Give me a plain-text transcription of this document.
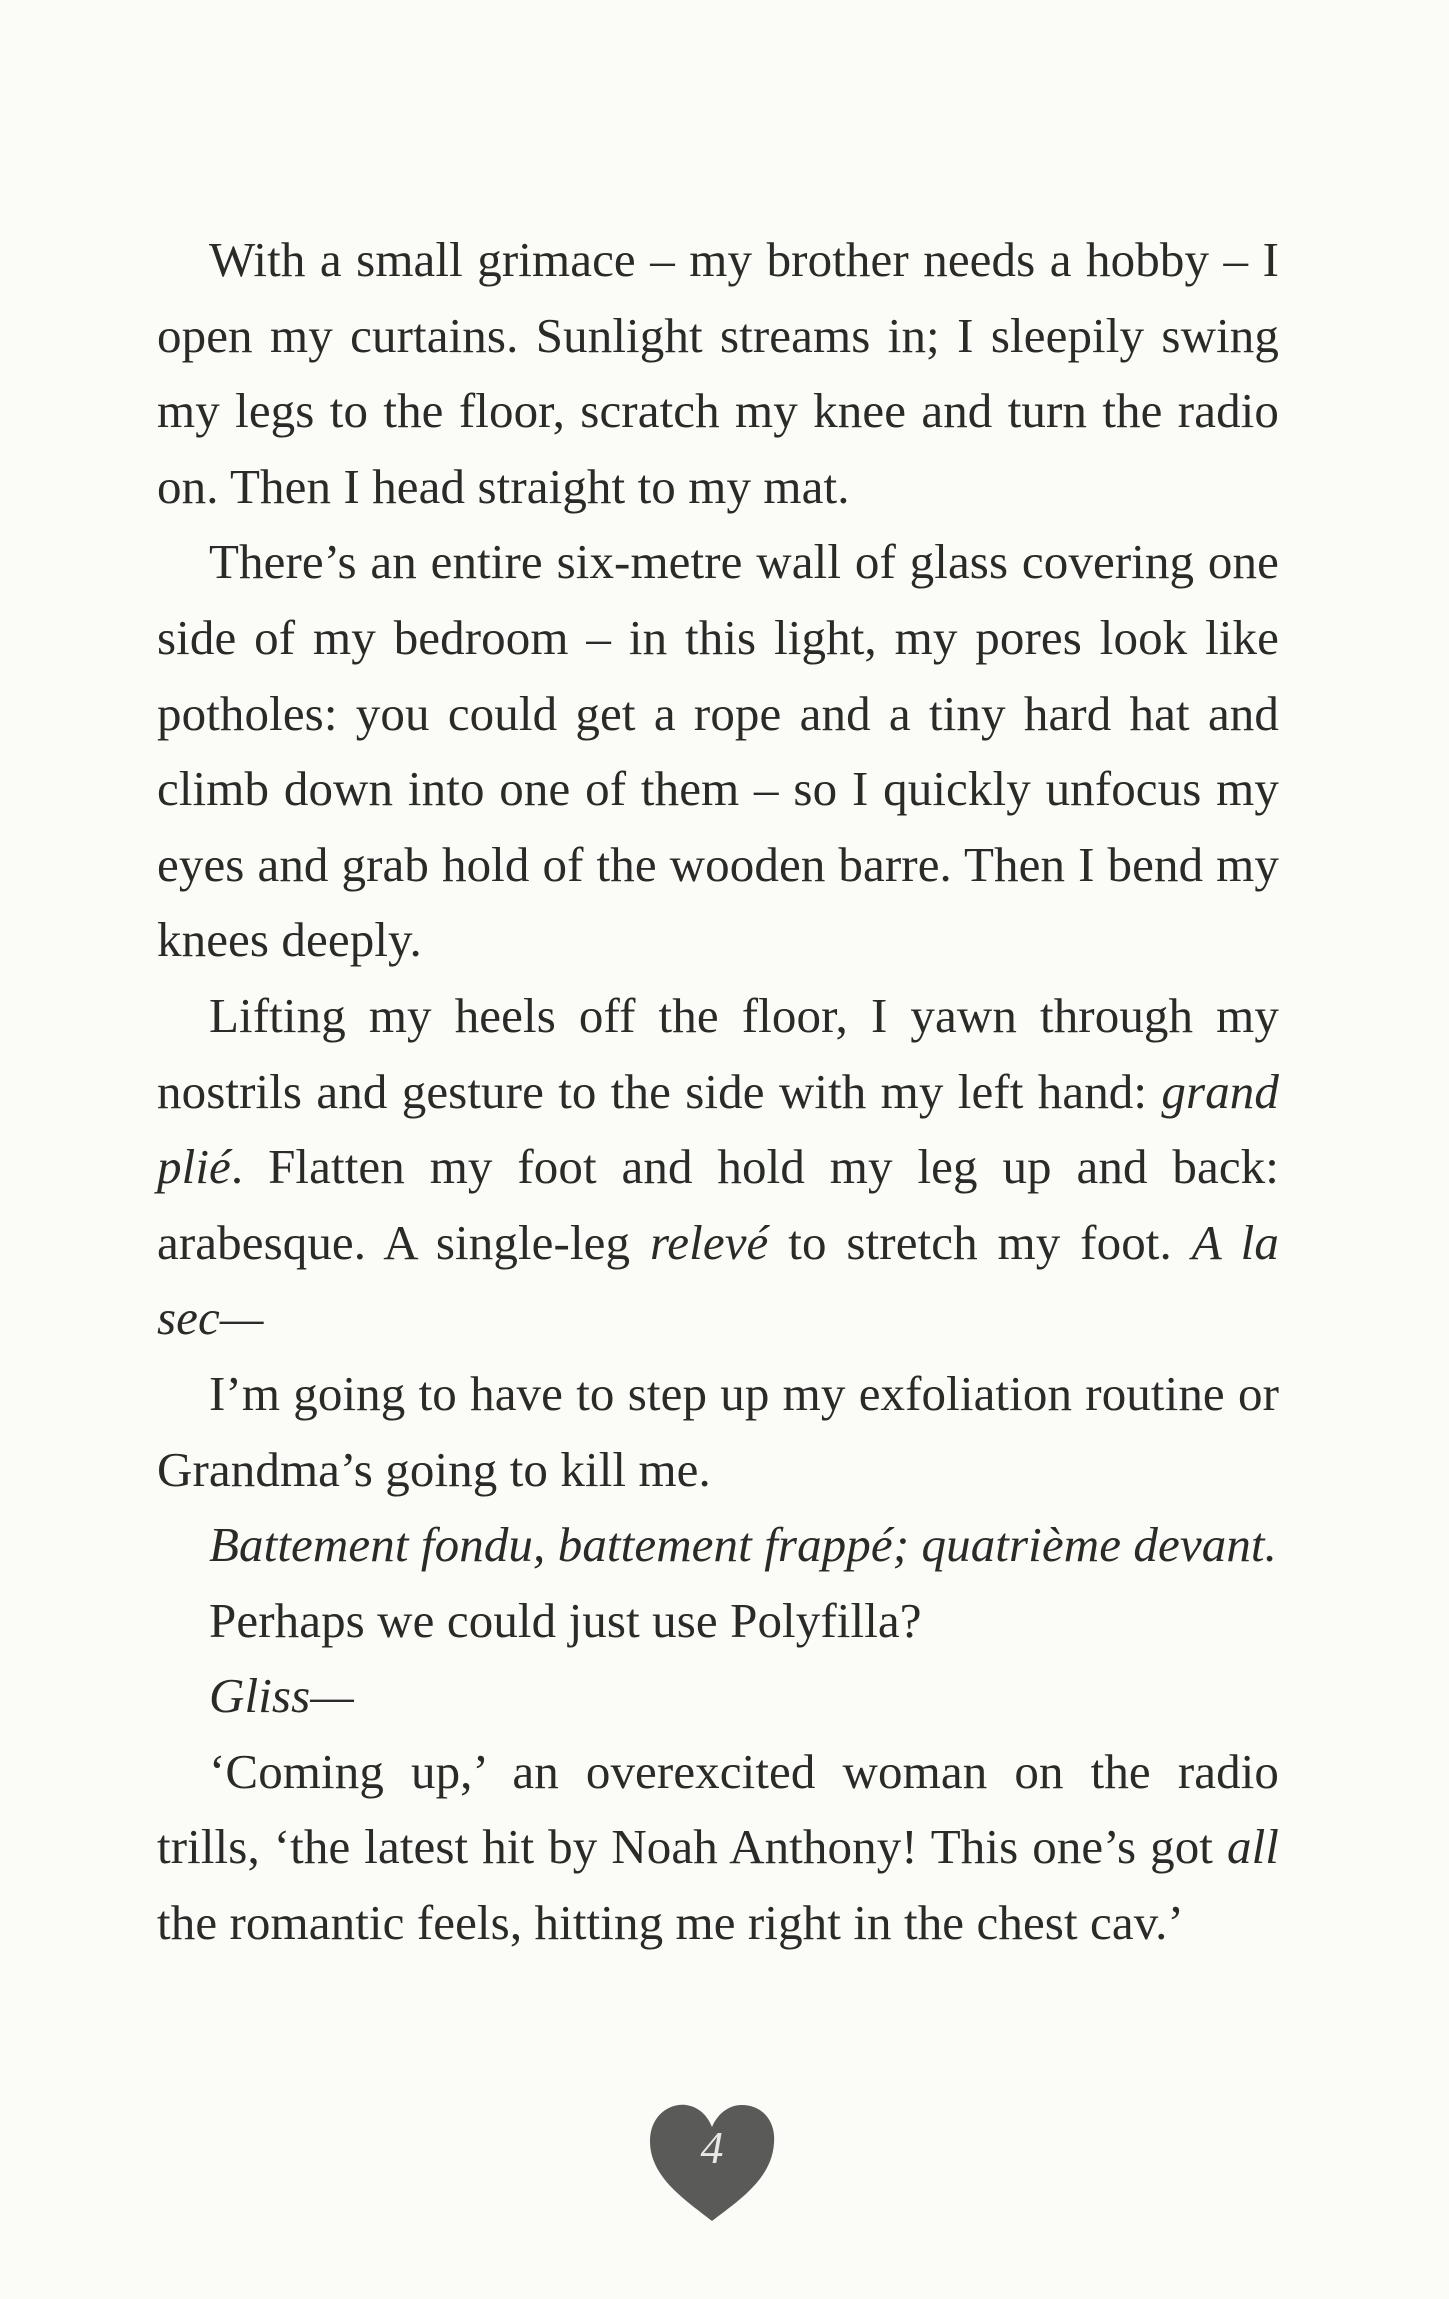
With a small grimace – my brother needs a hobby – I open my curtains. Sunlight streams in; I sleepily swing my legs to the floor, scratch my knee and turn the radio on. Then I head straight to my mat.

There’s an entire six-metre wall of glass covering one side of my bedroom – in this light, my pores look like potholes: you could get a rope and a tiny hard hat and climb down into one of them – so I quickly unfocus my eyes and grab hold of the wooden barre. Then I bend my knees deeply.

Lifting my heels off the floor, I yawn through my nostrils and gesture to the side with my left hand: grand plié. Flatten my foot and hold my leg up and back: arabesque. A single-leg relevé to stretch my foot. A la sec—

I’m going to have to step up my exfoliation routine or Grandma’s going to kill me.

Battement fondu, battement frappé; quatrième devant.

Perhaps we could just use Polyfilla?

Gliss—

‘Coming up,’ an overexcited woman on the radio trills, ‘the latest hit by Noah Anthony! This one’s got all the romantic feels, hitting me right in the chest cav.’

4
